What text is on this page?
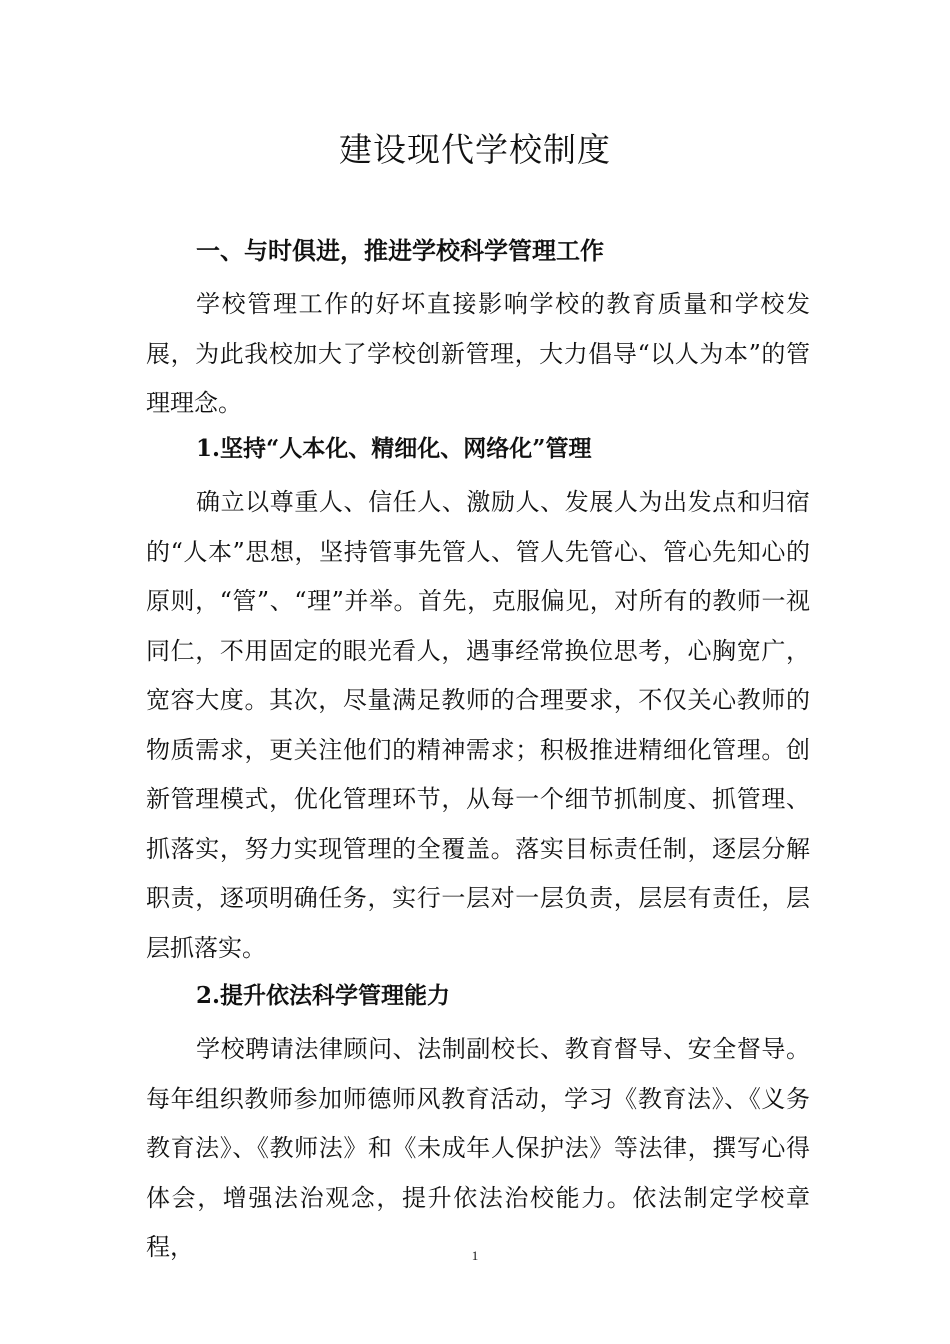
建设现代学校制度
一、与时俱进，推进学校科学管理工作

学校管理工作的好坏直接影响学校的教育质量和学校发展，为此我校加大了学校创新管理，大力倡导“以人为本”的管理理念。

1.坚持“人本化、精细化、网络化”管理

确立以尊重人、信任人、激励人、发展人为出发点和归宿的“人本”思想，坚持管事先管人、管人先管心、管心先知心的原则，“管”、“理”并举。首先，克服偏见，对所有的教师一视同仁，不用固定的眼光看人，遇事经常换位思考，心胸宽广，宽容大度。其次，尽量满足教师的合理要求，不仅关心教师的物质需求，更关注他们的精神需求；积极推进精细化管理。创新管理模式，优化管理环节，从每一个细节抓制度、抓管理、抓落实，努力实现管理的全覆盖。落实目标责任制，逐层分解职责，逐项明确任务，实行一层对一层负责，层层有责任，层层抓落实。

2.提升依法科学管理能力

学校聘请法律顾问、法制副校长、教育督导、安全督导。每年组织教师参加师德师风教育活动，学习《教育法》、《义务教育法》、《教师法》和《未成年人保护法》等法律，撰写心得体会，增强法治观念，提升依法治校能力。依法制定学校章程，	1
